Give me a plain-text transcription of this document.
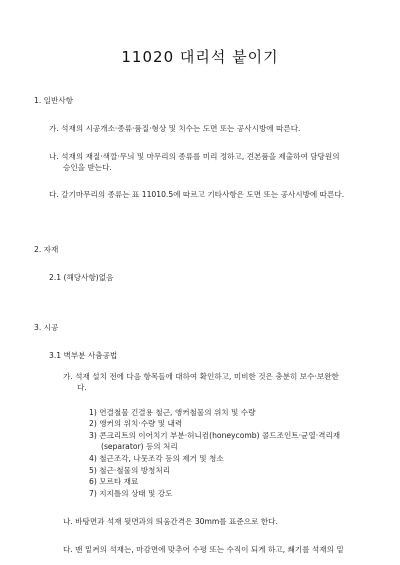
11020 대리석 붙이기
1. 일반사항
가. 석재의 시공개소·종류·품질·형상 및 치수는 도면 또는 공사시방에 따른다.
나. 석재의 재질·색깔·무늬 및 마무리의 종류를 미리 정하고, 견본품을 제출하여 담당원의
승인을 받는다.
다. 갈기마무리의 종류는 표 11010.5에 따르고 기타사항은 도면 또는 공사시방에 따른다.
2. 자재
2.1 (해당사항)없음
3. 시공
3.1 벽부분 사춤공법
가. 석재 설치 전에 다음 항목들에 대하여 확인하고, 미비한 것은 충분히 보수·보완한
다.
1) 연결철물 긴결용 철근, 앵커철물의 위치 및 수량
2) 앵커의 위치·수량 및 내력
3) 콘크리트의 이어치기 부분·허니컴(honeycomb) 콜드조인트·균열·격리재
(separator) 등의 처리
4) 철근조각, 나뭇조각 등의 제거 및 청소
5) 철근·철물의 방청처리
6) 모르타 재료
7) 지지틀의 상태 및 강도
나. 바탕면과 석재 뒷면과의 띄움간격은 30mm를 표준으로 한다.
다. 맨 밑켜의 석재는, 마감면에 맞추어 수평 또는 수직이 되게 하고, 쐐기를 석재의 밑
